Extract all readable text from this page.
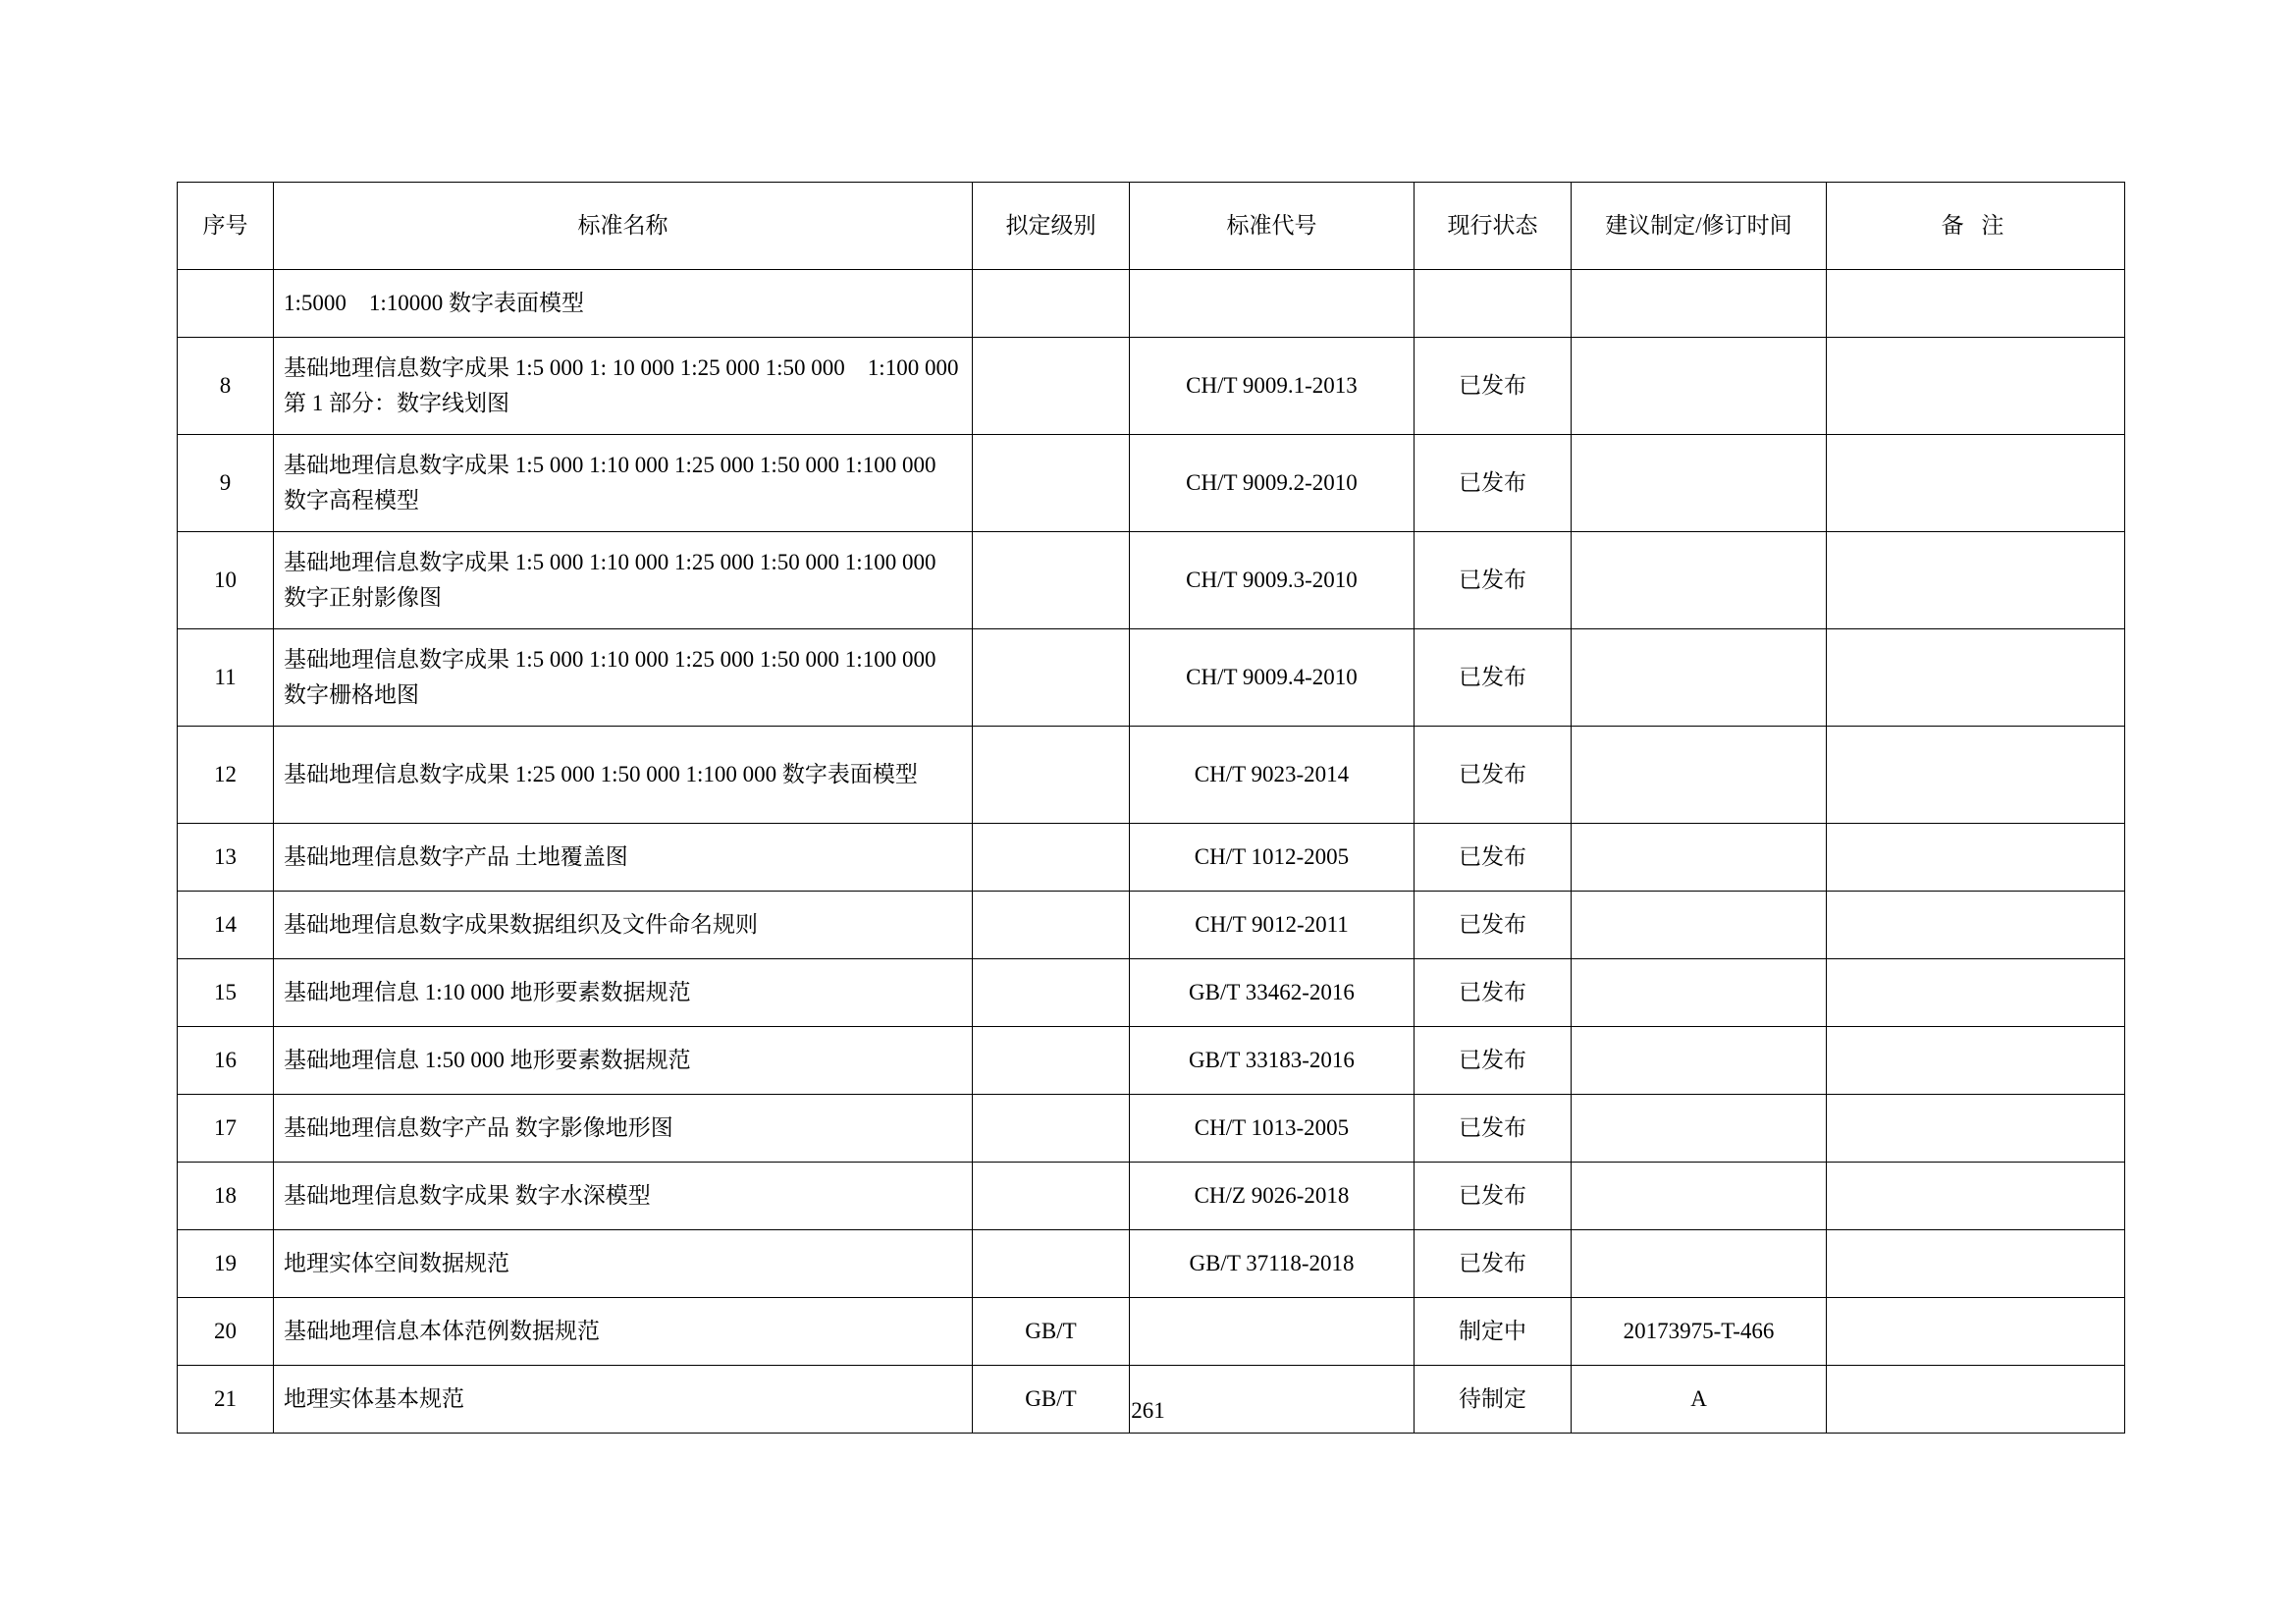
序号	标准名称	拟定级别	标准代号	现行状态	建议制定/修订时间	备 注
	1:5000　1:10000 数字表面模型					
8	基础地理信息数字成果 1:5 000 1: 10 000 1:25 000 1:50 000　1:100 000 第 1 部分：数字线划图		CH/T 9009.1-2013	已发布		
9	基础地理信息数字成果 1:5 000 1:10 000 1:25 000 1:50 000 1:100 000 数字高程模型		CH/T 9009.2-2010	已发布		
10	基础地理信息数字成果 1:5 000 1:10 000 1:25 000 1:50 000 1:100 000 数字正射影像图		CH/T 9009.3-2010	已发布		
11	基础地理信息数字成果 1:5 000 1:10 000 1:25 000 1:50 000 1:100 000 数字栅格地图		CH/T 9009.4-2010	已发布		
12	基础地理信息数字成果 1:25 000 1:50 000 1:100 000 数字表面模型		CH/T 9023-2014	已发布		
13	基础地理信息数字产品 土地覆盖图		CH/T 1012-2005	已发布		
14	基础地理信息数字成果数据组织及文件命名规则		CH/T 9012-2011	已发布		
15	基础地理信息 1:10 000 地形要素数据规范		GB/T 33462-2016	已发布		
16	基础地理信息 1:50 000 地形要素数据规范		GB/T 33183-2016	已发布		
17	基础地理信息数字产品 数字影像地形图		CH/T 1013-2005	已发布		
18	基础地理信息数字成果 数字水深模型		CH/Z 9026-2018	已发布		
19	地理实体空间数据规范		GB/T 37118-2018	已发布		
20	基础地理信息本体范例数据规范	GB/T		制定中	20173975-T-466	
21	地理实体基本规范	GB/T		待制定	A	
261
